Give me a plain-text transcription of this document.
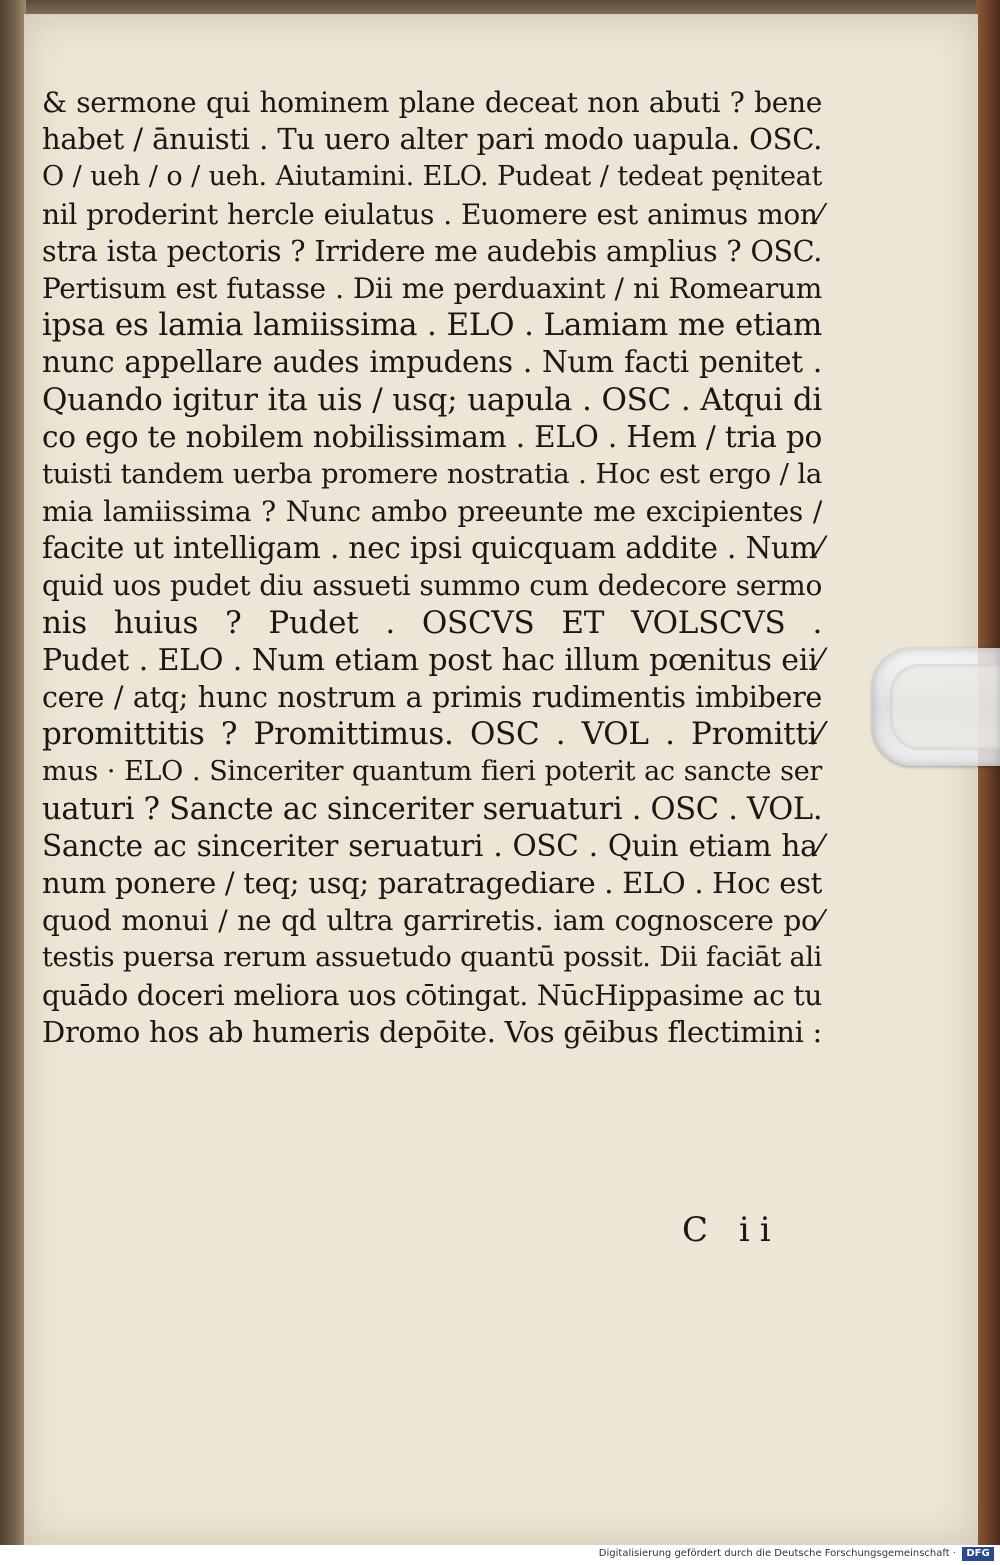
& sermone qui hominem plane deceat non abuti ? bene
habet / ānuisti . Tu uero alter pari modo uapula. OSC.
O / ueh / o / ueh. Aiutamini. ELO. Pudeat / tedeat pęniteat
nil proderint hercle eiulatus . Euomere est animus mon⁄
stra ista pectoris ? Irridere me audebis amplius ? OSC.
Pertisum est futasse . Dii me perduaxint / ni Romearum
ipsa es lamia lamiissima . ELO . Lamiam me etiam
nunc appellare audes impudens . Num facti penitet .
Quando igitur ita uis / usq; uapula . OSC . Atqui di
co ego te nobilem nobilissimam . ELO . Hem / tria po
tuisti tandem uerba promere nostratia . Hoc est ergo / la
mia lamiissima ? Nunc ambo preeunte me excipientes /
facite ut intelligam . nec ipsi quicquam addite . Num⁄
quid uos pudet diu assueti summo cum dedecore sermo
nis huius ? Pudet . OSCVS ET VOLSCVS .
Pudet . ELO . Num etiam post hac illum pœnitus eii⁄
cere / atq; hunc nostrum a primis rudimentis imbibere
promittitis ? Promittimus. OSC . VOL . Promitti⁄
mus · ELO . Sinceriter quantum fieri poterit ac sancte ser
uaturi ? Sancte ac sinceriter seruaturi . OSC . VOL.
Sancte ac sinceriter seruaturi . OSC . Quin etiam ha⁄
num ponere / teq; usq; paratragediare . ELO . Hoc est
quod monui / ne qd ultra garriretis. iam cognoscere po⁄
testis puersa rerum assuetudo quantū possit. Dii faciāt ali
quādo doceri meliora uos cōtingat. NūcHippasime ac tu
Dromo hos ab humeris depōite. Vos gēibus flectimini :
C ii
Digitalisierung gefördert durch die Deutsche Forschungsgemeinschaft ·	DFG
